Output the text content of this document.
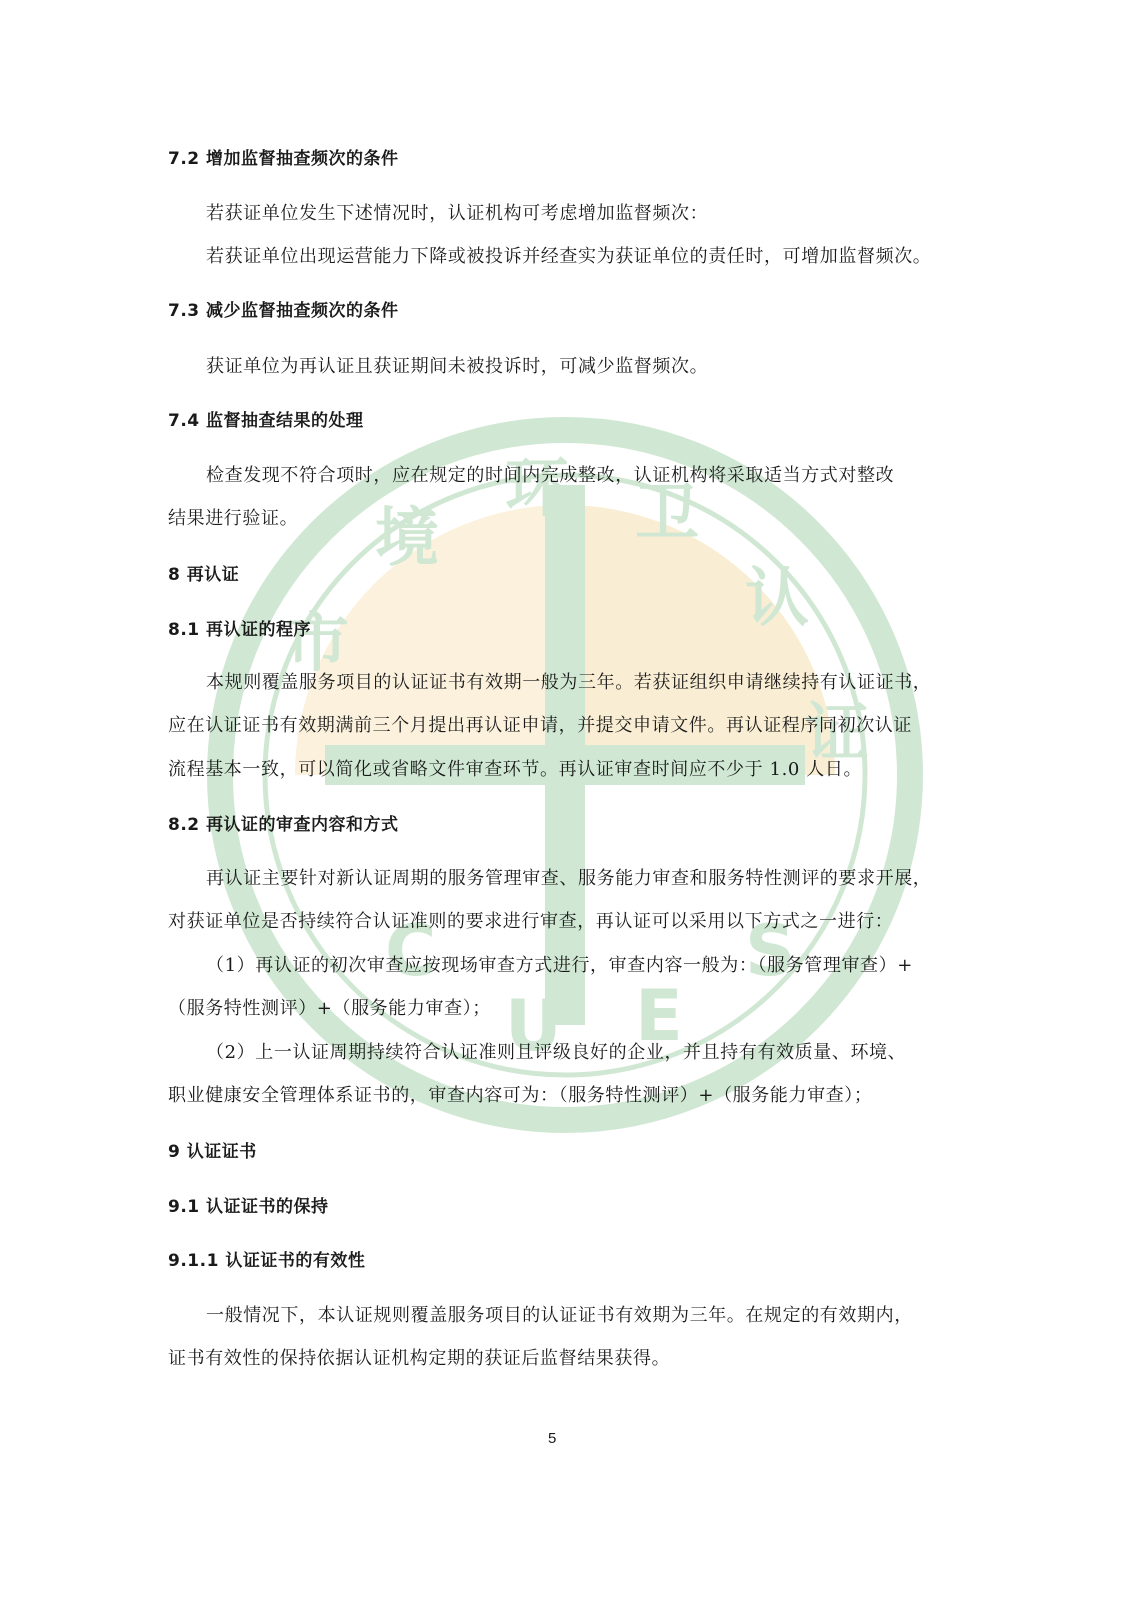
市
境
环 卫
认
证
C
U E
S
7.2 增加监督抽查频次的条件
若获证单位发生下述情况时，认证机构可考虑增加监督频次：
若获证单位出现运营能力下降或被投诉并经查实为获证单位的责任时，可增加监督频次。
7.3 减少监督抽查频次的条件
获证单位为再认证且获证期间未被投诉时，可减少监督频次。
7.4 监督抽查结果的处理
检查发现不符合项时，应在规定的时间内完成整改，认证机构将采取适当方式对整改
结果进行验证。
8 再认证
8.1 再认证的程序
本规则覆盖服务项目的认证证书有效期一般为三年。若获证组织申请继续持有认证证书，
应在认证证书有效期满前三个月提出再认证申请，并提交申请文件。再认证程序同初次认证
流程基本一致，可以简化或省略文件审查环节。再认证审查时间应不少于 1.0 人日。
8.2 再认证的审查内容和方式
再认证主要针对新认证周期的服务管理审查、服务能力审查和服务特性测评的要求开展，
对获证单位是否持续符合认证准则的要求进行审查，再认证可以采用以下方式之一进行：
（1）再认证的初次审查应按现场审查方式进行，审查内容一般为：（服务管理审查）+
（服务特性测评）+（服务能力审查）；
（2）上一认证周期持续符合认证准则且评级良好的企业，并且持有有效质量、环境、
职业健康安全管理体系证书的，审查内容可为：（服务特性测评）+（服务能力审查）；
9 认证证书
9.1 认证证书的保持
9.1.1 认证证书的有效性
一般情况下，本认证规则覆盖服务项目的认证证书有效期为三年。在规定的有效期内，
证书有效性的保持依据认证机构定期的获证后监督结果获得。
5
